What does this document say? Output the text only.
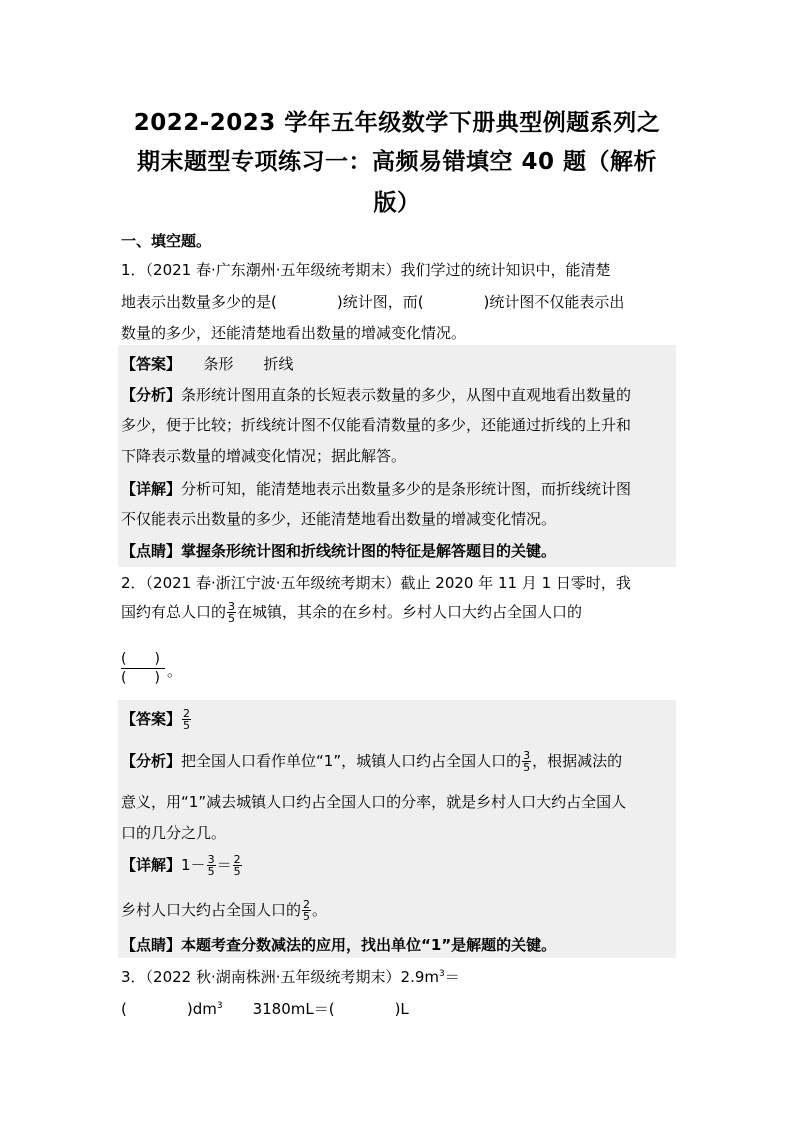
2022-2023 学年五年级数学下册典型例题系列之
期末题型专项练习一：高频易错填空 40 题（解析
版）
一、填空题。
1．（2021 春·广东潮州·五年级统考期末）我们学过的统计知识中，能清楚
地表示出数量多少的是(　　　　)统计图，而(　　　　)统计图不仅能表示出
数量的多少，还能清楚地看出数量的增减变化情况。
【答案】　　条形　　折线
【分析】条形统计图用直条的长短表示数量的多少，从图中直观地看出数量的
多少，便于比较；折线统计图不仅能看清数量的多少，还能通过折线的上升和
下降表示数量的增减变化情况；据此解答。
【详解】分析可知，能清楚地表示出数量多少的是条形统计图，而折线统计图
不仅能表示出数量的多少，还能清楚地看出数量的增减变化情况。
【点睛】掌握条形统计图和折线统计图的特征是解答题目的关键。
2．（2021 春·浙江宁波·五年级统考期末）截止 2020 年 11 月 1 日零时，我
国约有总人口的 $\frac{3}{5}$ 在城镇，其余的在乡村。乡村人口大约占全国人口的
(　　)
(　　) 。
【答案】 $\frac{2}{5}$
【分析】把全国人口看作单位“1”，城镇人口约占全国人口的 $\frac{3}{5}$ ，根据减法的
意义，用“1”减去城镇人口约占全国人口的分率，就是乡村人口大约占全国人
口的几分之几。
【详解】$1- \frac{3}{5} = \frac{2}{5}$
乡村人口大约占全国人口的 $\frac{2}{5}$ 。
【点睛】本题考查分数减法的应用，找出单位“1”是解题的关键。
3．（2022 秋·湖南株洲·五年级统考期末）$2.9m^3=$
(　　　　)$dm^3$　　3180mL＝(　　　　)L
